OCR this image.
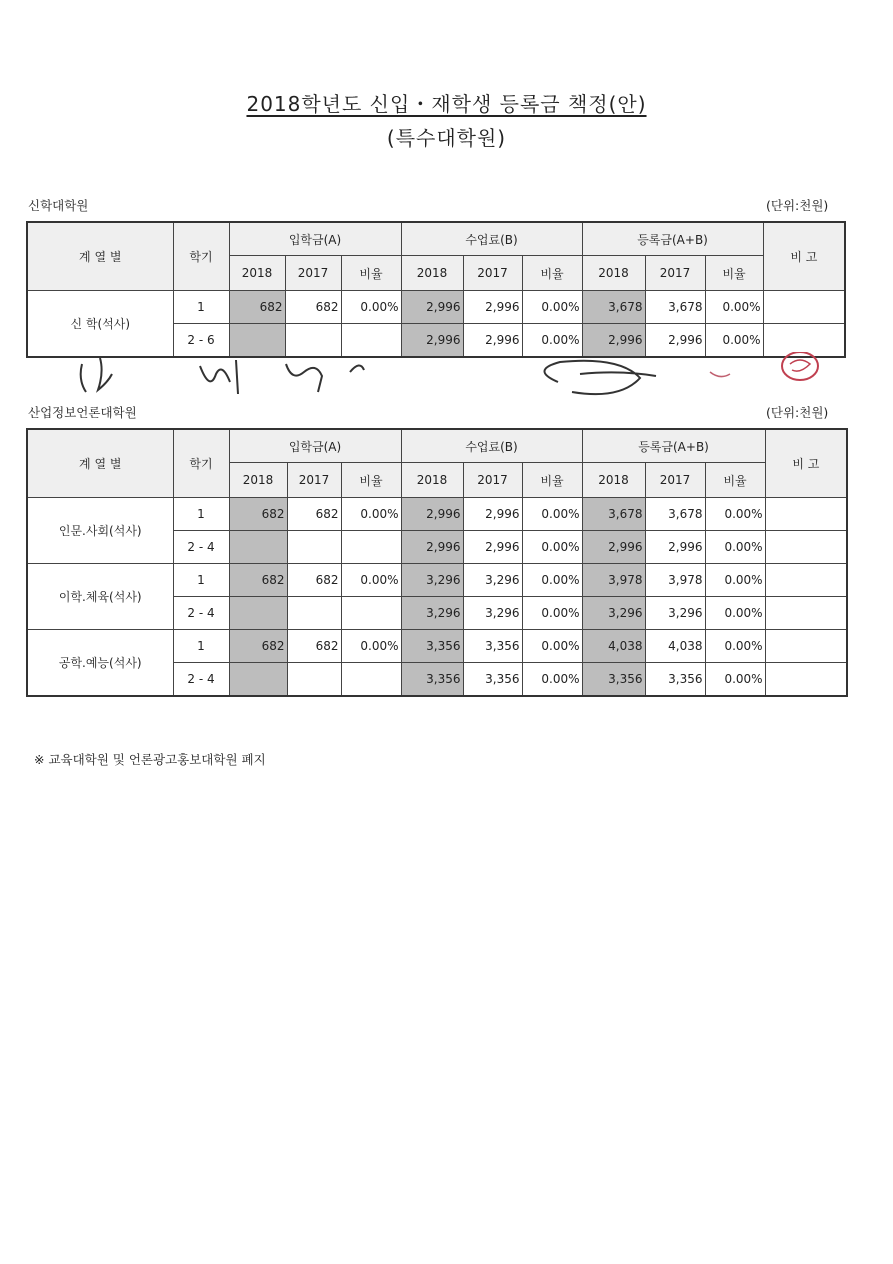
2018학년도 신입・재학생 등록금 책정(안)
(특수대학원)
신학대학원	(단위:천원)
계 열 별	학기	입학금(A)			수업료(B)			등록금(A+B)			비 고
		2018	2017	비율	2018	2017	비율	2018	2017	비율	
신 학(석사)	1	682	682	0.00%	2,996	2,996	0.00%	3,678	3,678	0.00%	
	2 - 6				2,996	2,996	0.00%	2,996	2,996	0.00%	
산업정보언론대학원	(단위:천원)
계 열 별	학기	입학금(A)			수업료(B)			등록금(A+B)			비 고
		2018	2017	비율	2018	2017	비율	2018	2017	비율	
인문.사회(석사)	1	682	682	0.00%	2,996	2,996	0.00%	3,678	3,678	0.00%	
	2 - 4				2,996	2,996	0.00%	2,996	2,996	0.00%	
이학.체육(석사)	1	682	682	0.00%	3,296	3,296	0.00%	3,978	3,978	0.00%	
	2 - 4				3,296	3,296	0.00%	3,296	3,296	0.00%	
공학.예능(석사)	1	682	682	0.00%	3,356	3,356	0.00%	4,038	4,038	0.00%	
	2 - 4				3,356	3,356	0.00%	3,356	3,356	0.00%	
※ 교육대학원 및 언론광고홍보대학원 폐지
